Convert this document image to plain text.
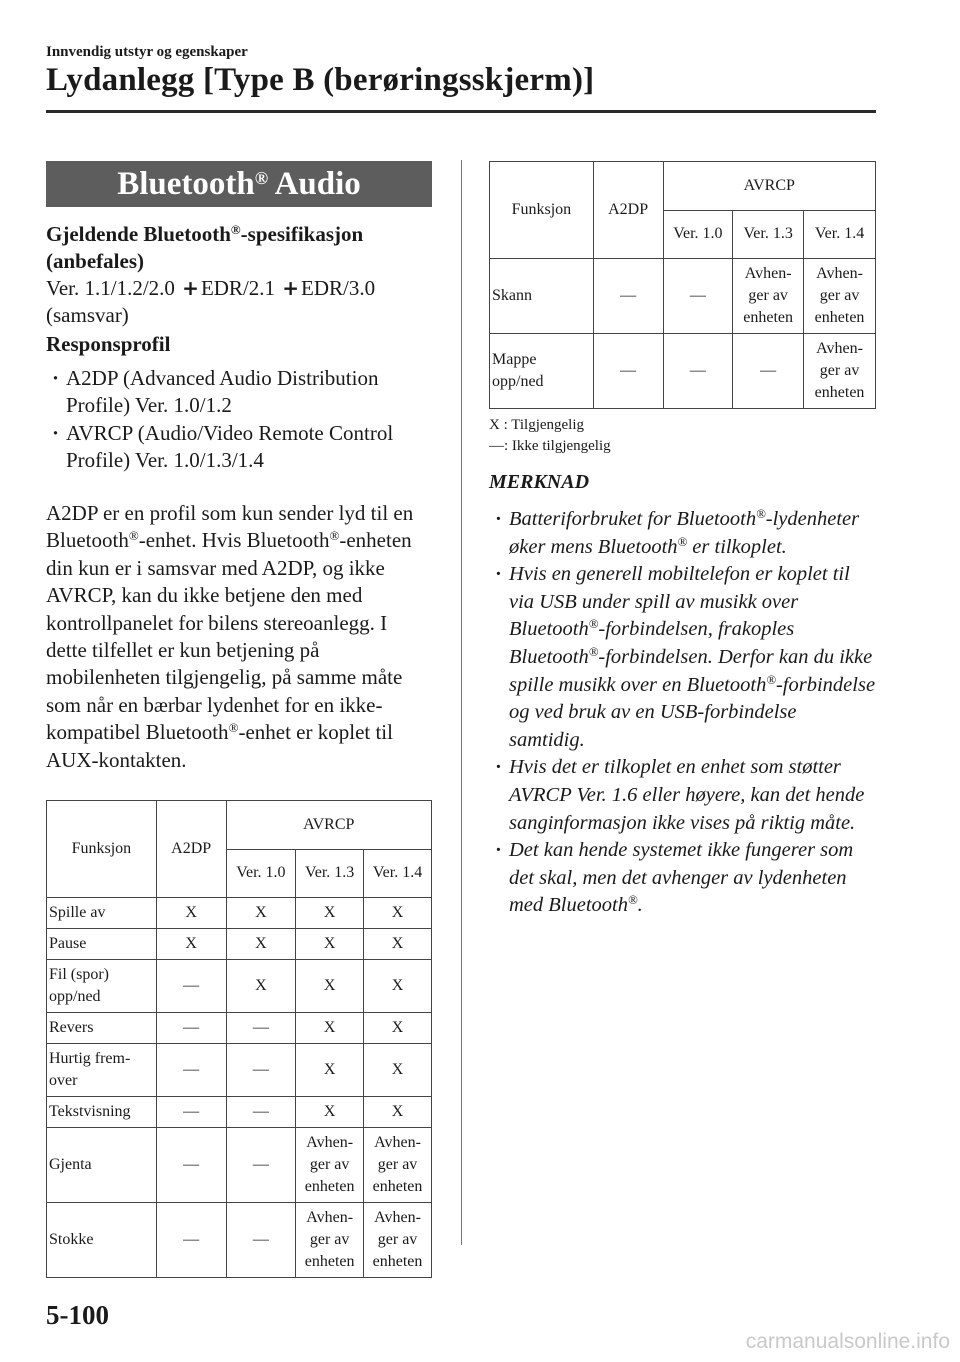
Innvendig utstyr og egenskaper
Lydanlegg [Type B (berøringsskjerm)]
Bluetooth® Audio
Gjeldende Bluetooth®-spesifikasjon (anbefales)
Ver. 1.1/1.2/2.0 +EDR/2.1 +EDR/3.0
(samsvar)
Responsprofil
· A2DP (Advanced Audio Distribution Profile) Ver. 1.0/1.2
· AVRCP (Audio/Video Remote Control Profile) Ver. 1.0/1.3/1.4
A2DP er en profil som kun sender lyd til en Bluetooth®-enhet. Hvis Bluetooth®-enheten din kun er i samsvar med A2DP, og ikke AVRCP, kan du ikke betjene den med kontrollpanelet for bilens stereoanlegg. I dette tilfellet er kun betjening på mobilenheten tilgjengelig, på samme måte som når en bærbar lydenhet for en ikke-kompatibel Bluetooth®-enhet er koplet til AUX-kontakten.
Funksjon	A2DP	AVRCP		
		Ver. 1.0	Ver. 1.3	Ver. 1.4
Spille av	X	X	X	X
Pause	X	X	X	X
Fil (spor) opp/ned	—	X	X	X
Revers	—	—	X	X
Hurtig frem-over	—	—	X	X
Tekstvisning	—	—	X	X
Gjenta	—	—	Avhen-ger av enheten	Avhen-ger av enheten
Stokke	—	—	Avhen-ger av enheten	Avhen-ger av enheten
Funksjon	A2DP	AVRCP		
		Ver. 1.0	Ver. 1.3	Ver. 1.4
Skann	—	—	Avhen-ger av enheten	Avhen-ger av enheten
Mappe opp/ned	—	—	—	Avhen-ger av enheten
X : Tilgjengelig
—: Ikke tilgjengelig
MERKNAD
· Batteriforbruket for Bluetooth®-lydenheter øker mens Bluetooth® er tilkoplet.
· Hvis en generell mobiltelefon er koplet til via USB under spill av musikk over Bluetooth®-forbindelsen, frakoples Bluetooth®-forbindelsen. Derfor kan du ikke spille musikk over en Bluetooth®-forbindelse og ved bruk av en USB-forbindelse samtidig.
· Hvis det er tilkoplet en enhet som støtter AVRCP Ver. 1.6 eller høyere, kan det hende sanginformasjon ikke vises på riktig måte.
· Det kan hende systemet ikke fungerer som det skal, men det avhenger av lydenheten med Bluetooth®.
5-100
carmanualsonline.info
